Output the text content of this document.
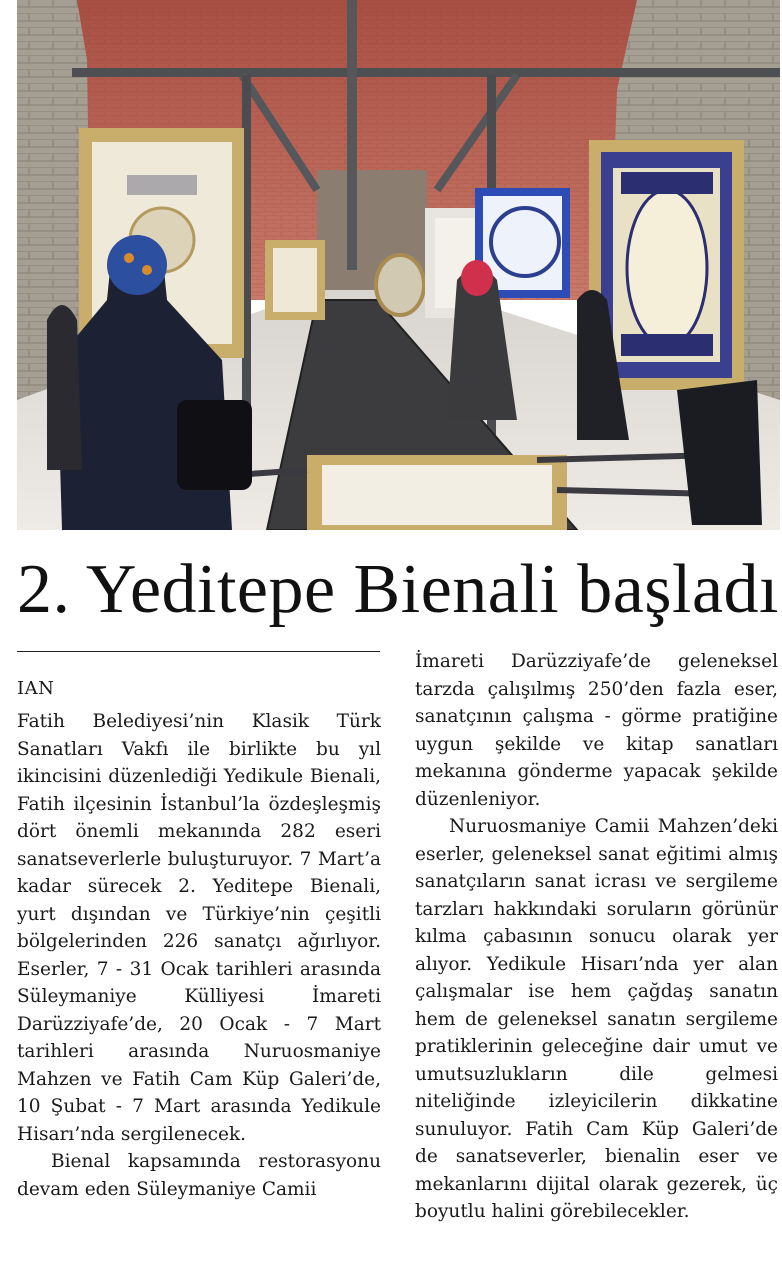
2. Yeditepe Bienali başladı
IAN

Fatih Belediyesi’nin Klasik Türk Sanatları Vakfı ile birlikte bu yıl ikincisini düzenlediği Yedikule Bienali, Fatih ilçesinin İstanbul’la özdeşleşmiş dört önemli mekanında 282 eseri sanatseverlerle buluşturuyor. 7 Mart’a kadar sürecek 2. Yeditepe Bienali, yurt dışından ve Türkiye’nin çeşitli bölgelerinden 226 sanatçı ağırlıyor. Eserler, 7 - 31 Ocak tarihleri arasında Süleymaniye Külliyesi İmareti Darüzziyafe’de, 20 Ocak - 7 Mart tarihleri arasında Nuruosmaniye Mahzen ve Fatih Cam Küp Galeri’de, 10 Şubat - 7 Mart arasında Yedikule Hisarı’nda sergilenecek.

Bienal kapsamında restorasyonu devam eden Süleymaniye Camii

İmareti Darüzziyafe’de geleneksel tarzda çalışılmış 250’den fazla eser, sanatçının çalışma - görme pratiğine uygun şekilde ve kitap sanatları mekanına gönderme yapacak şekilde düzenleniyor.

Nuruosmaniye Camii Mahzen’deki eserler, geleneksel sanat eğitimi almış sanatçıların sanat icrası ve sergileme tarzları hakkındaki soruların görünür kılma çabasının sonucu olarak yer alıyor. Yedikule Hisarı’nda yer alan çalışmalar ise hem çağdaş sanatın hem de geleneksel sanatın sergileme pratiklerinin geleceğine dair umut ve umutsuzlukların dile gelmesi niteliğinde izleyicilerin dikkatine sunuluyor. Fatih Cam Küp Galeri’de de sanatseverler, bienalin eser ve mekanlarını dijital olarak gezerek, üç boyutlu halini görebilecekler.
